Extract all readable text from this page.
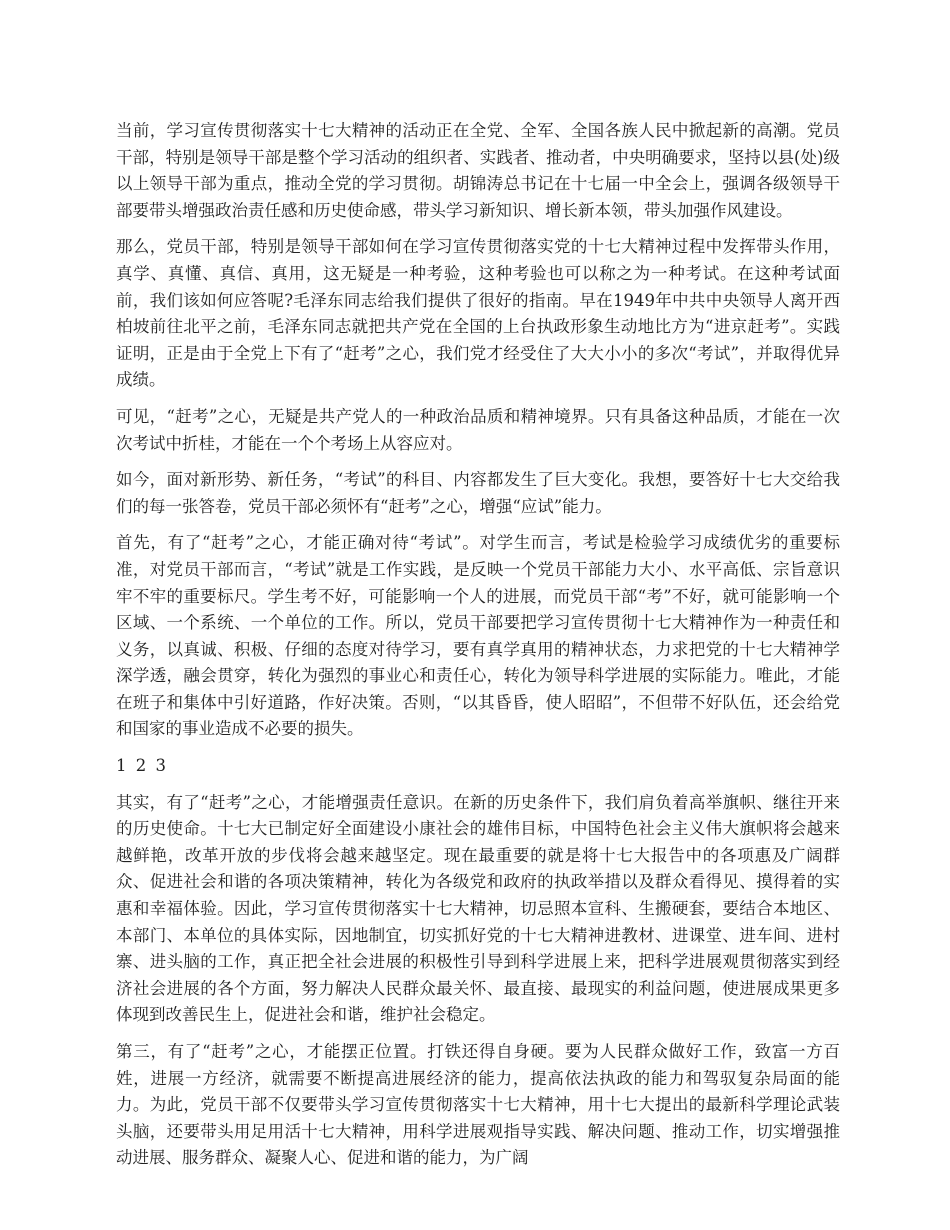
当前，学习宣传贯彻落实十七大精神的活动正在全党、全军、全国各族人民中掀起新的高潮。党员干部，特别是领导干部是整个学习活动的组织者、实践者、推动者，中央明确要求，坚持以县(处)级以上领导干部为重点，推动全党的学习贯彻。胡锦涛总书记在十七届一中全会上，强调各级领导干部要带头增强政治责任感和历史使命感，带头学习新知识、增长新本领，带头加强作风建设。

那么，党员干部，特别是领导干部如何在学习宣传贯彻落实党的十七大精神过程中发挥带头作用，真学、真懂、真信、真用，这无疑是一种考验，这种考验也可以称之为一种考试。在这种考试面前，我们该如何应答呢?毛泽东同志给我们提供了很好的指南。早在1949年中共中央领导人离开西柏坡前往北平之前，毛泽东同志就把共产党在全国的上台执政形象生动地比方为“进京赶考”。实践证明，正是由于全党上下有了“赶考”之心，我们党才经受住了大大小小的多次“考试”，并取得优异成绩。

可见，“赶考”之心，无疑是共产党人的一种政治品质和精神境界。只有具备这种品质，才能在一次次考试中折桂，才能在一个个考场上从容应对。

如今，面对新形势、新任务，“考试”的科目、内容都发生了巨大变化。我想，要答好十七大交给我们的每一张答卷，党员干部必须怀有“赶考”之心，增强“应试”能力。

首先，有了“赶考”之心，才能正确对待“考试”。对学生而言，考试是检验学习成绩优劣的重要标准，对党员干部而言，“考试”就是工作实践，是反映一个党员干部能力大小、水平高低、宗旨意识牢不牢的重要标尺。学生考不好，可能影响一个人的进展，而党员干部“考”不好，就可能影响一个区域、一个系统、一个单位的工作。所以，党员干部要把学习宣传贯彻十七大精神作为一种责任和义务，以真诚、积极、仔细的态度对待学习，要有真学真用的精神状态，力求把党的十七大精神学深学透，融会贯穿，转化为强烈的事业心和责任心，转化为领导科学进展的实际能力。唯此，才能在班子和集体中引好道路，作好决策。否则，“以其昏昏，使人昭昭”，不但带不好队伍，还会给党和国家的事业造成不必要的损失。

1 2 3

其实，有了“赶考”之心，才能增强责任意识。在新的历史条件下，我们肩负着高举旗帜、继往开来的历史使命。十七大已制定好全面建设小康社会的雄伟目标，中国特色社会主义伟大旗帜将会越来越鲜艳，改革开放的步伐将会越来越坚定。现在最重要的就是将十七大报告中的各项惠及广阔群众、促进社会和谐的各项决策精神，转化为各级党和政府的执政举措以及群众看得见、摸得着的实惠和幸福体验。因此，学习宣传贯彻落实十七大精神，切忌照本宣科、生搬硬套，要结合本地区、本部门、本单位的具体实际，因地制宜，切实抓好党的十七大精神进教材、进课堂、进车间、进村寨、进头脑的工作，真正把全社会进展的积极性引导到科学进展上来，把科学进展观贯彻落实到经济社会进展的各个方面，努力解决人民群众最关怀、最直接、最现实的利益问题，使进展成果更多体现到改善民生上，促进社会和谐，维护社会稳定。

第三，有了“赶考”之心，才能摆正位置。打铁还得自身硬。要为人民群众做好工作，致富一方百姓，进展一方经济，就需要不断提高进展经济的能力，提高依法执政的能力和驾驭复杂局面的能力。为此，党员干部不仅要带头学习宣传贯彻落实十七大精神，用十七大提出的最新科学理论武装头脑，还要带头用足用活十七大精神，用科学进展观指导实践、解决问题、推动工作，切实增强推动进展、服务群众、凝聚人心、促进和谐的能力，为广阔
